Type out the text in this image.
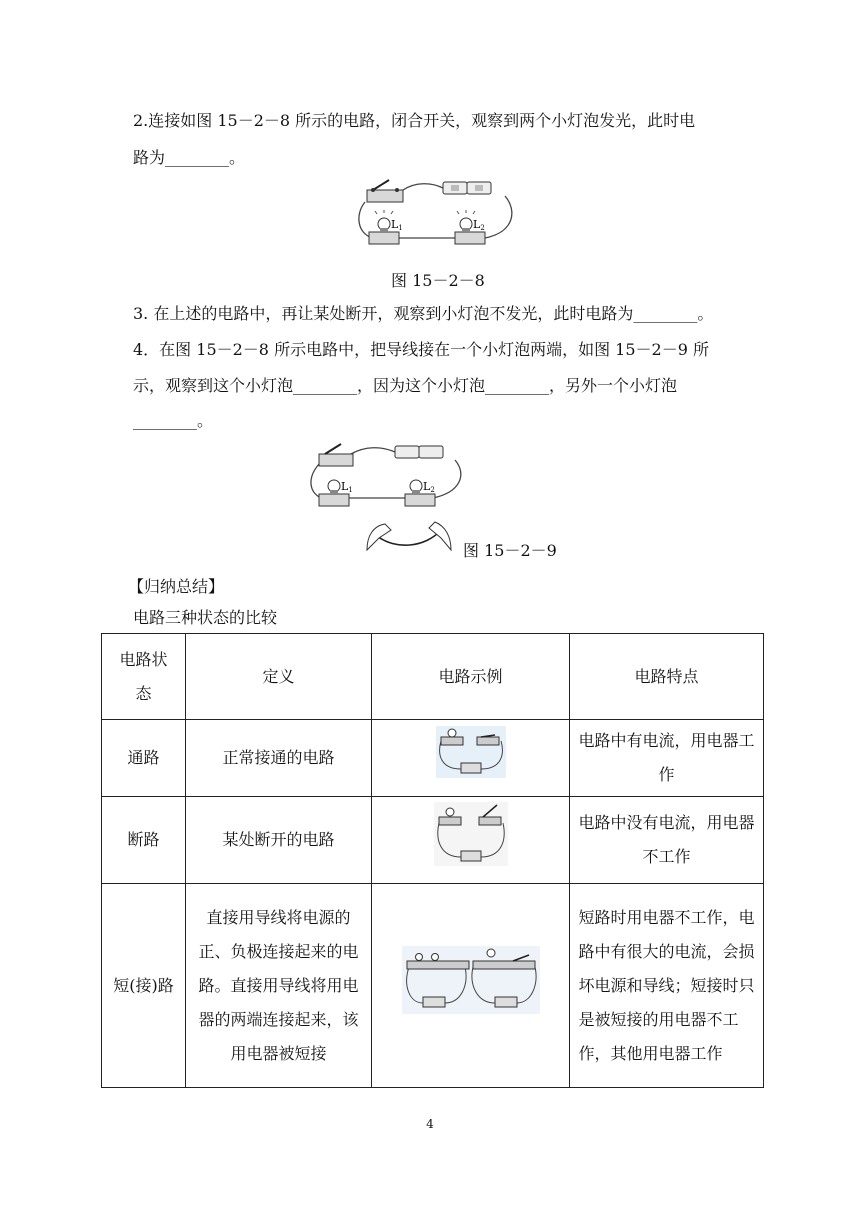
2.连接如图 15－2－8 所示的电路，闭合开关，观察到两个小灯泡发光，此时电
路为________。
L1	L2
图 15－2－8
3. 在上述的电路中，再让某处断开，观察到小灯泡不发光，此时电路为________。
4．在图 15－2－8 所示电路中，把导线接在一个小灯泡两端，如图 15－2－9 所
示，观察到这个小灯泡________，因为这个小灯泡________，另外一个小灯泡
________。
L1	L2
图 15－2－9
【归纳总结】
电路三种状态的比较
电路状态	定义	电路示例	电路特点
通路	正常接通的电路		电路中有电流，用电器工作
断路	某处断开的电路		电路中没有电流，用电器不工作
短(接)路	直接用导线将电源的正、负极连接起来的电路。直接用导线将用电器的两端连接起来，该用电器被短接		短路时用电器不工作，电路中有很大的电流，会损坏电源和导线；短接时只是被短接的用电器不工作，其他用电器工作
4
